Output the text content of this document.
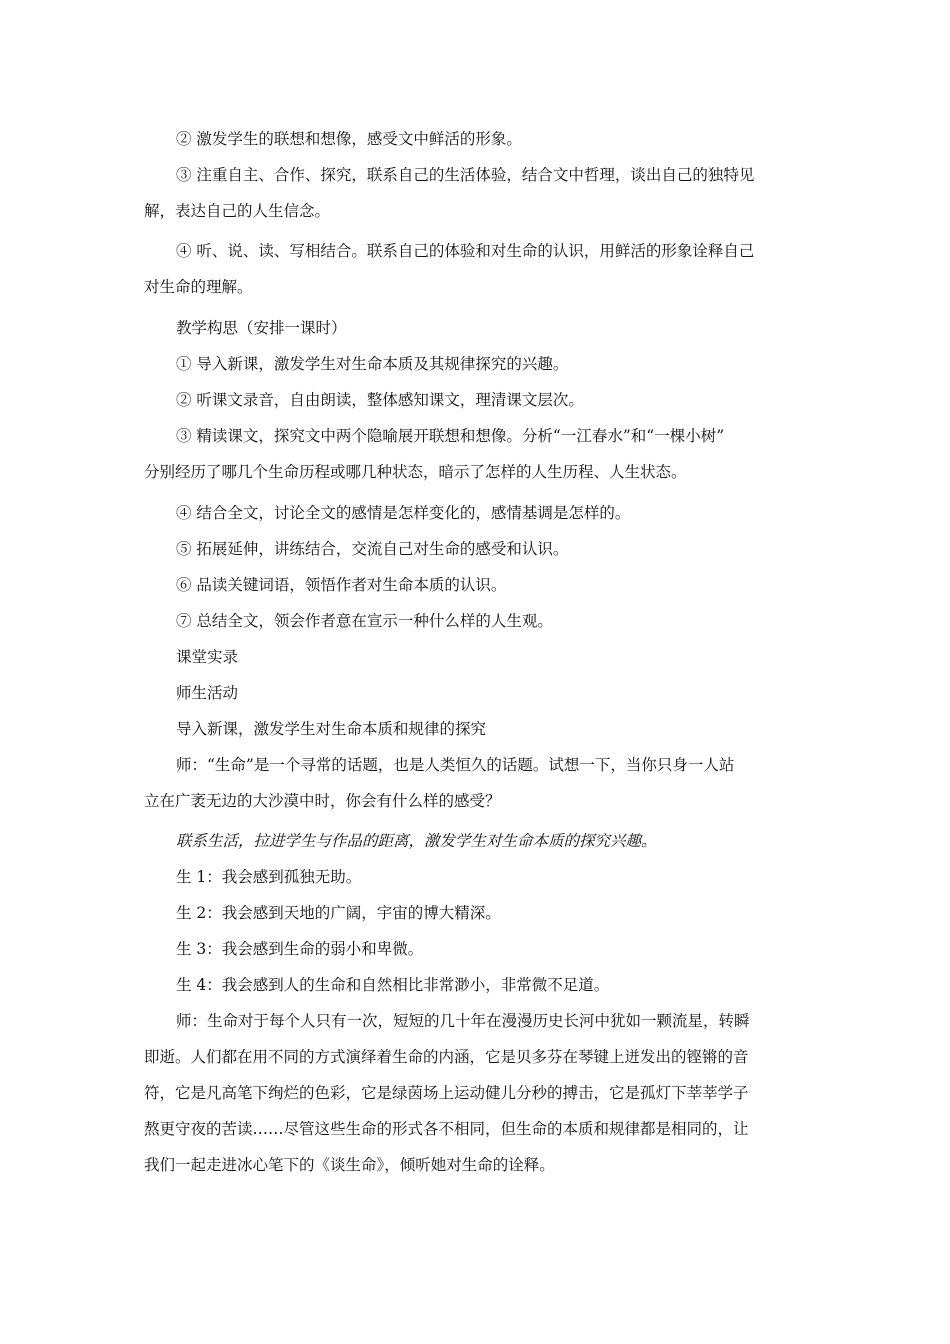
② 激发学生的联想和想像，感受文中鲜活的形象。
③ 注重自主、合作、探究，联系自己的生活体验，结合文中哲理，谈出自己的独特见
解，表达自己的人生信念。
④ 听、说、读、写相结合。联系自己的体验和对生命的认识，用鲜活的形象诠释自己
对生命的理解。
教学构思（安排一课时）
① 导入新课，激发学生对生命本质及其规律探究的兴趣。
② 听课文录音，自由朗读，整体感知课文，理清课文层次。
③ 精读课文，探究文中两个隐喻展开联想和想像。分析“一江春水”和“一棵小树”
分别经历了哪几个生命历程或哪几种状态，暗示了怎样的人生历程、人生状态。
④ 结合全文，讨论全文的感情是怎样变化的，感情基调是怎样的。
⑤ 拓展延伸，讲练结合，交流自己对生命的感受和认识。
⑥ 品读关键词语，领悟作者对生命本质的认识。
⑦ 总结全文，领会作者意在宣示一种什么样的人生观。
课堂实录
师生活动
导入新课，激发学生对生命本质和规律的探究
师：“生命”是一个寻常的话题，也是人类恒久的话题。试想一下，当你只身一人站
立在广袤无边的大沙漠中时，你会有什么样的感受？
联系生活，拉进学生与作品的距离，激发学生对生命本质的探究兴趣。
生 1：我会感到孤独无助。
生 2：我会感到天地的广阔，宇宙的博大精深。
生 3：我会感到生命的弱小和卑微。
生 4：我会感到人的生命和自然相比非常渺小，非常微不足道。
师：生命对于每个人只有一次，短短的几十年在漫漫历史长河中犹如一颗流星，转瞬
即逝。人们都在用不同的方式演绎着生命的内涵，它是贝多芬在琴键上迸发出的铿锵的音
符，它是凡高笔下绚烂的色彩，它是绿茵场上运动健儿分秒的搏击，它是孤灯下莘莘学子
熬更守夜的苦读……尽管这些生命的形式各不相同，但生命的本质和规律都是相同的，让
我们一起走进冰心笔下的《谈生命》，倾听她对生命的诠释。
